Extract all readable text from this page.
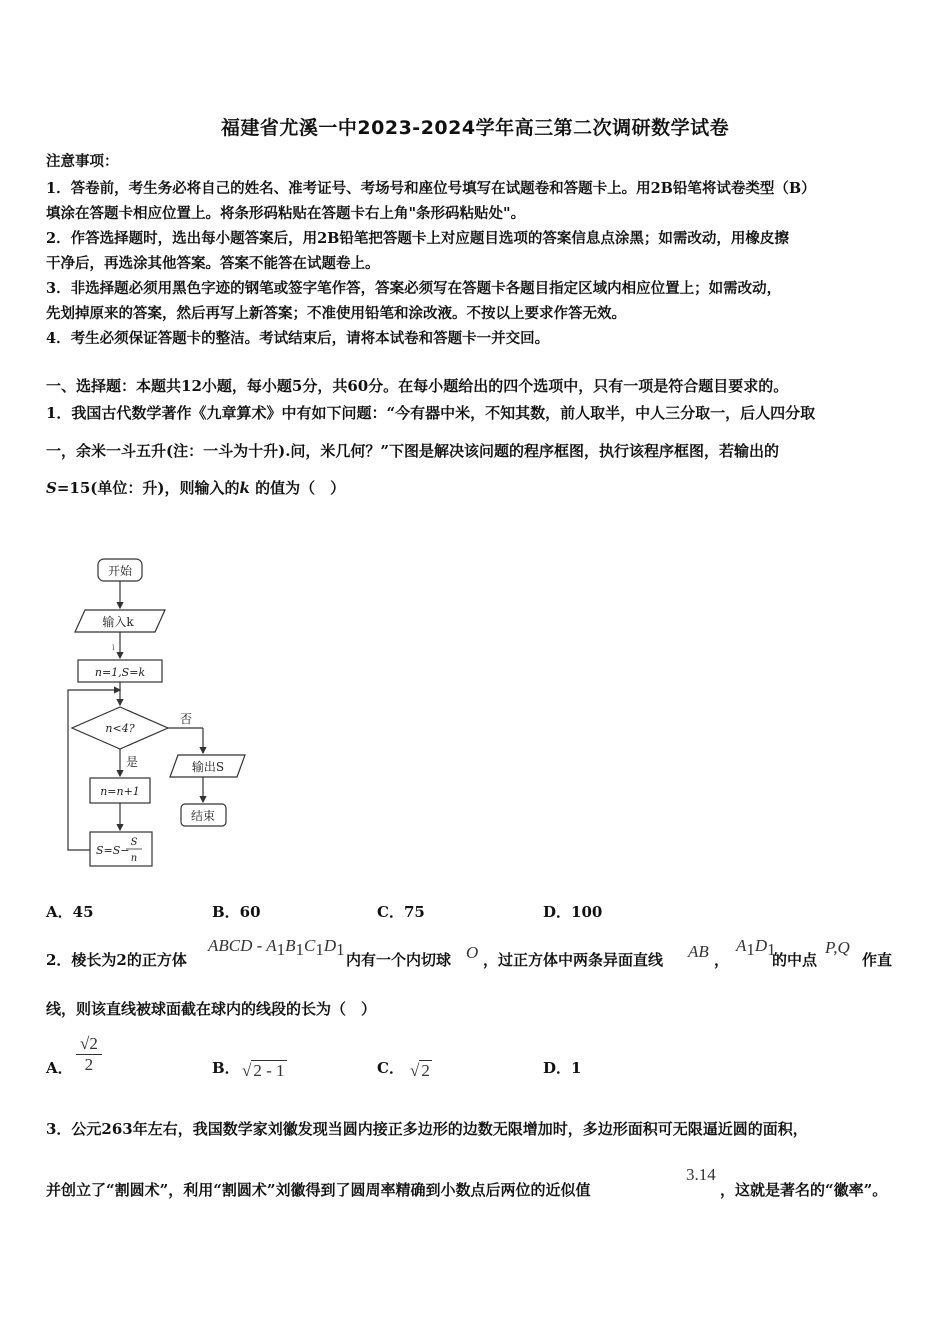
福建省尤溪一中2023-2024学年高三第二次调研数学试卷
注意事项：
1．答卷前，考生务必将自己的姓名、准考证号、考场号和座位号填写在试题卷和答题卡上。用2B铅笔将试卷类型（B）
填涂在答题卡相应位置上。将条形码粘贴在答题卡右上角"条形码粘贴处"。
2．作答选择题时，选出每小题答案后，用2B铅笔把答题卡上对应题目选项的答案信息点涂黑；如需改动，用橡皮擦
干净后，再选涂其他答案。答案不能答在试题卷上。
3．非选择题必须用黑色字迹的钢笔或签字笔作答，答案必须写在答题卡各题目指定区域内相应位置上；如需改动，
先划掉原来的答案，然后再写上新答案；不准使用铅笔和涂改液。不按以上要求作答无效。
4．考生必须保证答题卡的整洁。考试结束后，请将本试卷和答题卡一并交回。
一、选择题：本题共12小题，每小题5分，共60分。在每小题给出的四个选项中，只有一项是符合题目要求的。
1．我国古代数学著作《九章算术》中有如下问题：“今有器中米，不知其数，前人取半，中人三分取一，后人四分取
一，余米一斗五升(注：一斗为十升).问，米几何？”下图是解决该问题的程序框图，执行该程序框图，若输出的
S=15(单位：升)，则输入的k 的值为（　）
开始
输入k
i
n=1,S=k
n<4?
否
是	输出S
结束
n=n+1
S=S−
S
n
A．45	B．60	C．75	D．100
2．棱长为2的正方体
ABCD - $A_1B_1C_1D_1$
内有一个内切球 O ，过正方体中两条异面直线 AB ，
$A_1D_1$
的中点
P,Q
作直
线，则该直线被球面截在球内的线段的长为（　）
A． $\frac{√2}{2}$	B． √ 2 - 1	C． √ 2	D．1
3．公元263年左右，我国数学家刘徽发现当圆内接正多边形的边数无限增加时，多边形面积可无限逼近圆的面积，
并创立了“割圆术”，利用“割圆术”刘徽得到了圆周率精确到小数点后两位的近似值
3.14
，这就是著名的“徽率”。
